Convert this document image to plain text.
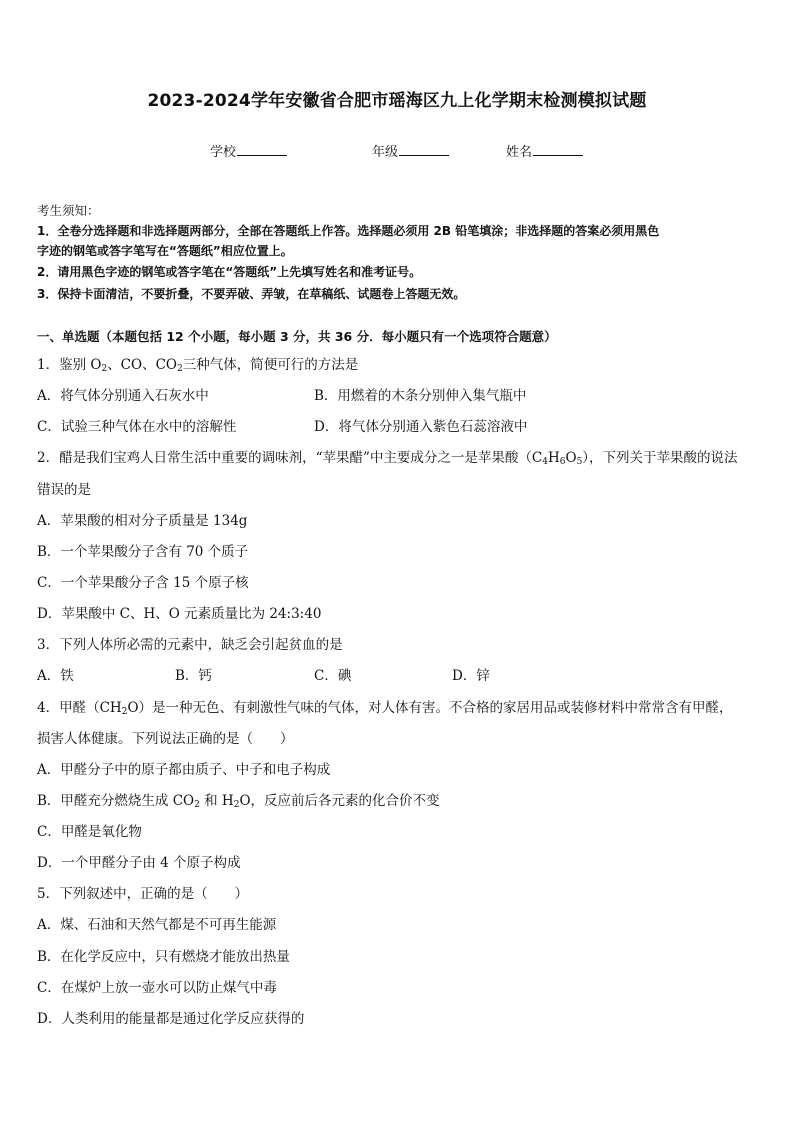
2023-2024学年安徽省合肥市瑶海区九上化学期末检测模拟试题
学校	年级	姓名
考生须知：
1．全卷分选择题和非选择题两部分，全部在答题纸上作答。选择题必须用 2B 铅笔填涂；非选择题的答案必须用黑色
字迹的钢笔或答字笔写在“答题纸”相应位置上。
2．请用黑色字迹的钢笔或答字笔在“答题纸”上先填写姓名和准考证号。
3．保持卡面清洁，不要折叠，不要弄破、弄皱，在草稿纸、试题卷上答题无效。
一、单选题（本题包括 12 个小题，每小题 3 分，共 36 分．每小题只有一个选项符合题意）
1．鉴别 $O_2$、CO、$CO_2$三种气体，简便可行的方法是
A．将气体分别通入石灰水中	B．用燃着的木条分别伸入集气瓶中
C．试验三种气体在水中的溶解性	D．将气体分别通入紫色石蕊溶液中
2．醋是我们宝鸡人日常生活中重要的调味剂，“苹果醋”中主要成分之一是苹果酸$(C_4H_6O_5)$，下列关于苹果酸的说法
错误的是
A．苹果酸的相对分子质量是 134g
B．一个苹果酸分子含有 70 个质子
C．一个苹果酸分子含 15 个原子核
D．苹果酸中 C、H、O 元素质量比为 24:3:40
3．下列人体所必需的元素中，缺乏会引起贫血的是
A．铁	B．钙	C．碘	D．锌
4．甲醛$(CH_2O)$是一种无色、有刺激性气味的气体，对人体有害。不合格的家居用品或装修材料中常常含有甲醛，
损害人体健康。下列说法正确的是（　　）
A．甲醛分子中的原子都由质子、中子和电子构成
B．甲醛充分燃烧生成 $CO_2$ 和 $H_2O$，反应前后各元素的化合价不变
C．甲醛是氧化物
D．一个甲醛分子由 4 个原子构成
5．下列叙述中，正确的是（　　）
A．煤、石油和天然气都是不可再生能源
B．在化学反应中，只有燃烧才能放出热量
C．在煤炉上放一壶水可以防止煤气中毒
D．人类利用的能量都是通过化学反应获得的
